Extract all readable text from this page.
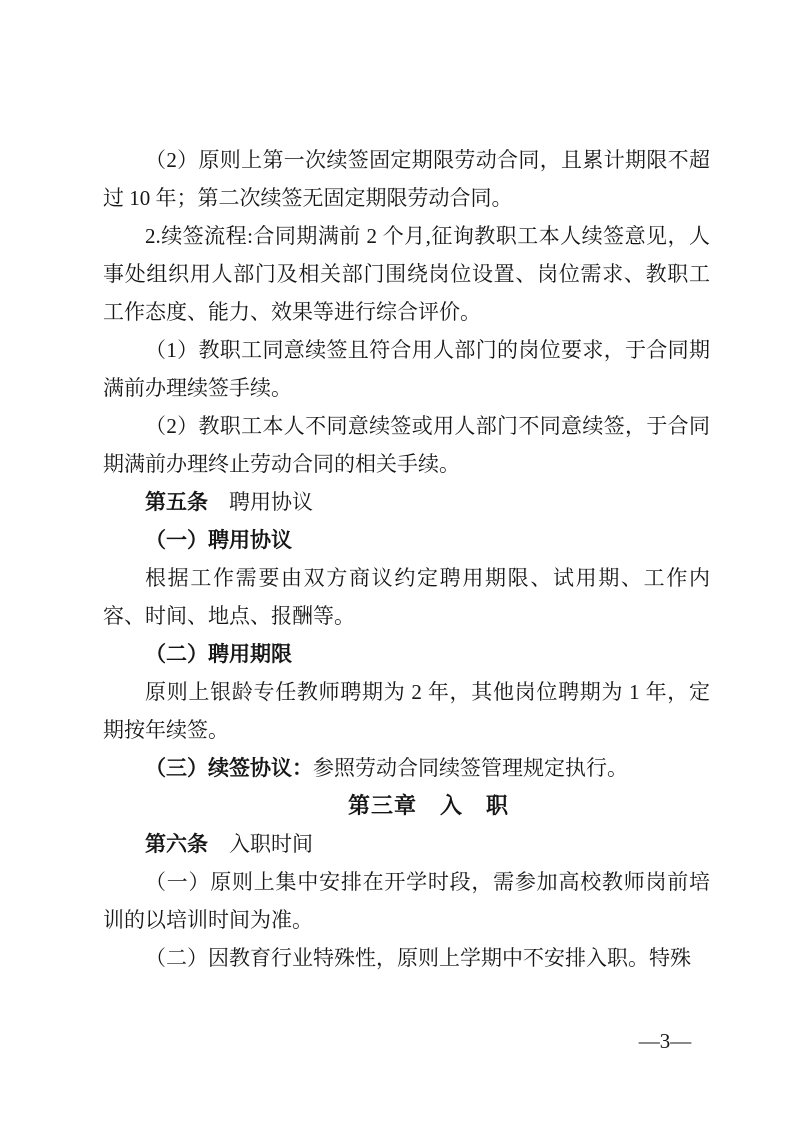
（2）原则上第一次续签固定期限劳动合同，且累计期限不超过 10 年；第二次续签无固定期限劳动合同。

2.续签流程:合同期满前 2 个月,征询教职工本人续签意见，人事处组织用人部门及相关部门围绕岗位设置、岗位需求、教职工工作态度、能力、效果等进行综合评价。

（1）教职工同意续签且符合用人部门的岗位要求，于合同期满前办理续签手续。

（2）教职工本人不同意续签或用人部门不同意续签，于合同期满前办理终止劳动合同的相关手续。

第五条　聘用协议

（一）聘用协议

根据工作需要由双方商议约定聘用期限、试用期、工作内容、时间、地点、报酬等。

（二）聘用期限

原则上银龄专任教师聘期为 2 年，其他岗位聘期为 1 年，定期按年续签。

（三）续签协议：参照劳动合同续签管理规定执行。

第三章　入　职

第六条　入职时间

（一）原则上集中安排在开学时段，需参加高校教师岗前培训的以培训时间为准。

（二）因教育行业特殊性，原则上学期中不安排入职。特殊

—3—
